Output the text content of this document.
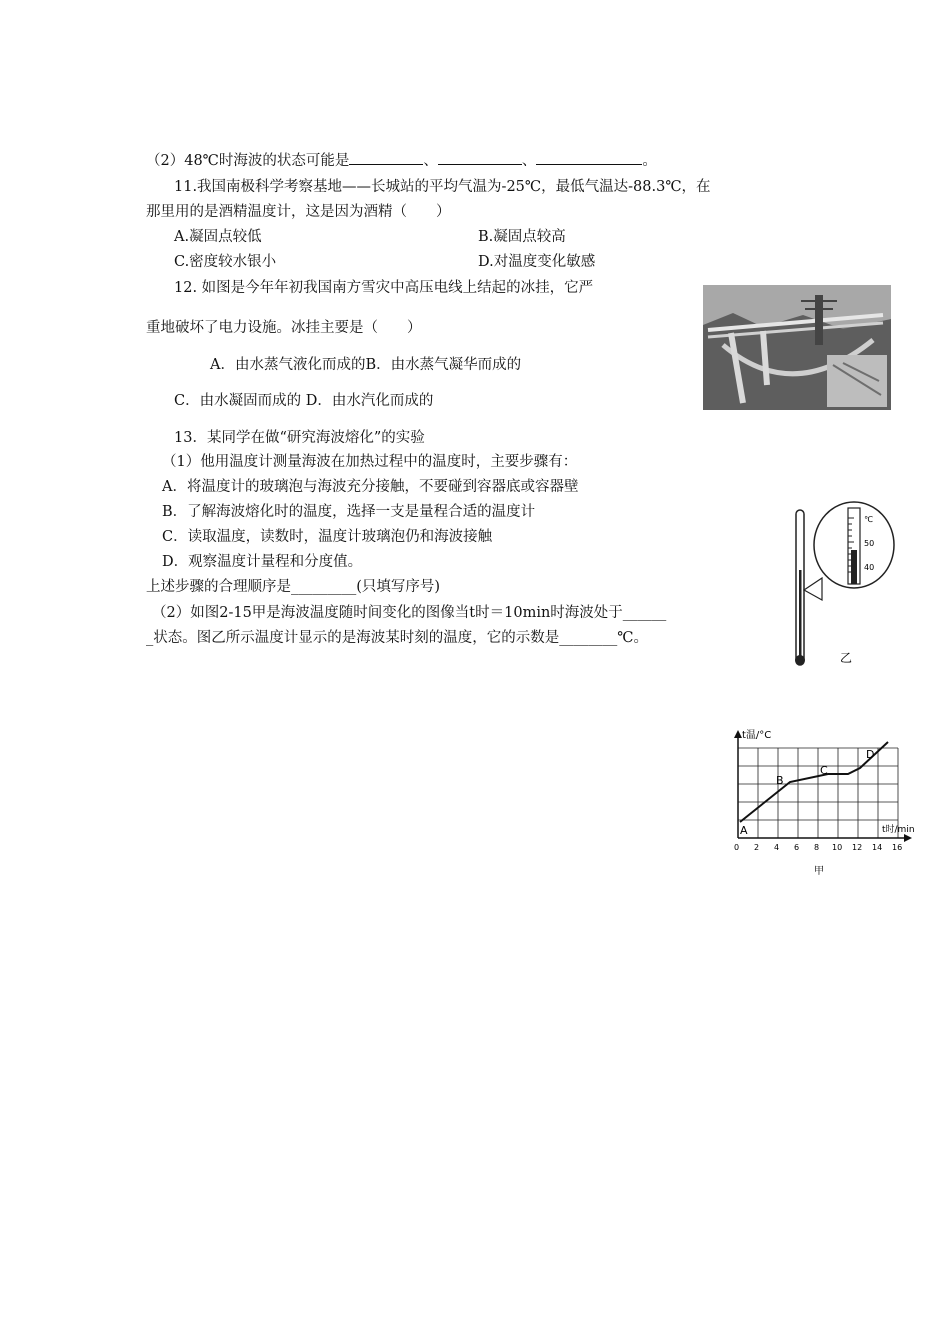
（2）48℃时海波的状态可能是	、	、	。
11.我国南极科学考察基地——长城站的平均气温为-25℃，最低气温达-88.3℃，在
那里用的是酒精温度计，这是因为酒精（　　）
A.凝固点较低	B.凝固点较高
C.密度较水银小	D.对温度变化敏感
12. 如图是今年年初我国南方雪灾中高压电线上结起的冰挂，它严
重地破坏了电力设施。冰挂主要是（　　）
A．由水蒸气液化而成的B．由水蒸气凝华而成的
C．由水凝固而成的 D．由水汽化而成的
13．某同学在做“研究海波熔化”的实验
（1）他用温度计测量海波在加热过程中的温度时，主要步骤有：
A．将温度计的玻璃泡与海波充分接触，不要碰到容器底或容器壁
B．了解海波熔化时的温度，选择一支是量程合适的温度计
C．读取温度，读数时，温度计玻璃泡仍和海波接触
D．观察温度计量程和分度值。
上述步骤的合理顺序是_________(只填写序号)
（2）如图2-15甲是海波温度随时间变化的图像当t时＝10min时海波处于______
_状态。图乙所示温度计显示的是海波某时刻的温度，它的示数是________℃。
℃
50
40
乙
t温/°C
t时/min
A
B
C
D
0 2 4 6 8 10 12 14 16
甲
